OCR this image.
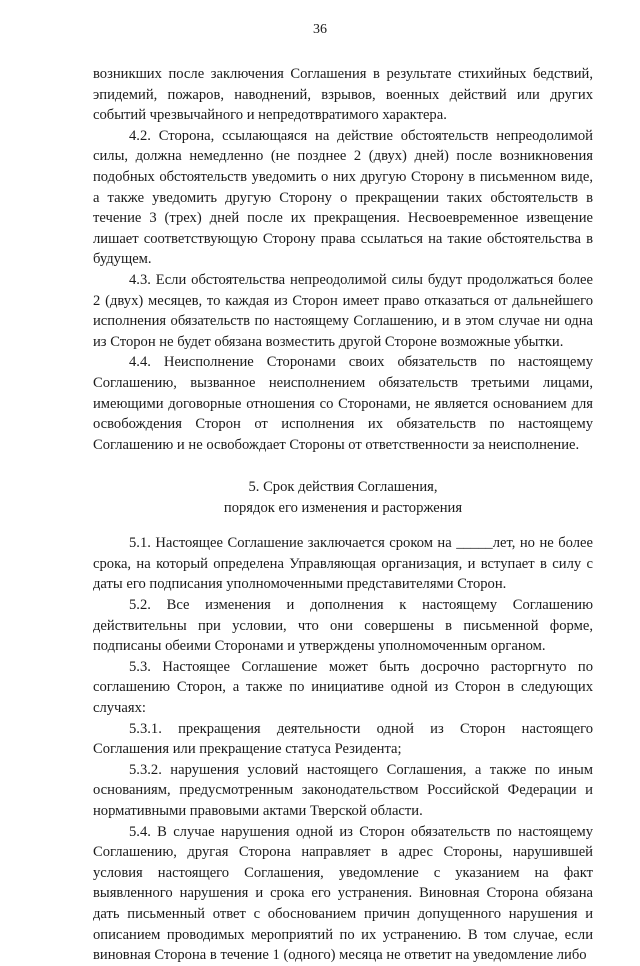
36

возникших после заключения Соглашения в результате стихийных бедствий, эпидемий, пожаров, наводнений, взрывов, военных действий или других событий чрезвычайного и непредотвратимого характера.

4.2. Сторона, ссылающаяся на действие обстоятельств непреодолимой силы, должна немедленно (не позднее 2 (двух) дней) после возникновения подобных обстоятельств уведомить о них другую Сторону в письменном виде, а также уведомить другую Сторону о прекращении таких обстоятельств в течение 3 (трех) дней после их прекращения. Несвоевременное извещение лишает соответствующую Сторону права ссылаться на такие обстоятельства в будущем.

4.3. Если обстоятельства непреодолимой силы будут продолжаться более 2 (двух) месяцев, то каждая из Сторон имеет право отказаться от дальнейшего исполнения обязательств по настоящему Соглашению, и в этом случае ни одна из Сторон не будет обязана возместить другой Стороне возможные убытки.

4.4. Неисполнение Сторонами своих обязательств по настоящему Соглашению, вызванное неисполнением обязательств третьими лицами, имеющими договорные отношения со Сторонами, не является основанием для освобождения Сторон от исполнения их обязательств по настоящему Соглашению и не освобождает Стороны от ответственности за неисполнение.

5. Срок действия Соглашения,
порядок его изменения и расторжения

5.1. Настоящее Соглашение заключается сроком на _____лет, но не более срока, на который определена Управляющая организация, и вступает в силу с даты его подписания уполномоченными представителями Сторон.

5.2. Все изменения и дополнения к настоящему Соглашению действительны при условии, что они совершены в письменной форме, подписаны обеими Сторонами и утверждены уполномоченным органом.

5.3. Настоящее Соглашение может быть досрочно расторгнуто по соглашению Сторон, а также по инициативе одной из Сторон в следующих случаях:

5.3.1. прекращения деятельности одной из Сторон настоящего Соглашения или прекращение статуса Резидента;

5.3.2. нарушения условий настоящего Соглашения, а также по иным основаниям, предусмотренным законодательством Российской Федерации и нормативными правовыми актами Тверской области.

5.4. В случае нарушения одной из Сторон обязательств по настоящему Соглашению, другая Сторона направляет в адрес Стороны, нарушившей условия настоящего Соглашения, уведомление с указанием на факт выявленного нарушения и срока его устранения. Виновная Сторона обязана дать письменный ответ с обоснованием причин допущенного нарушения и описанием проводимых мероприятий по их устранению. В том случае, если виновная Сторона в течение 1 (одного) месяца не ответит на уведомление либо
